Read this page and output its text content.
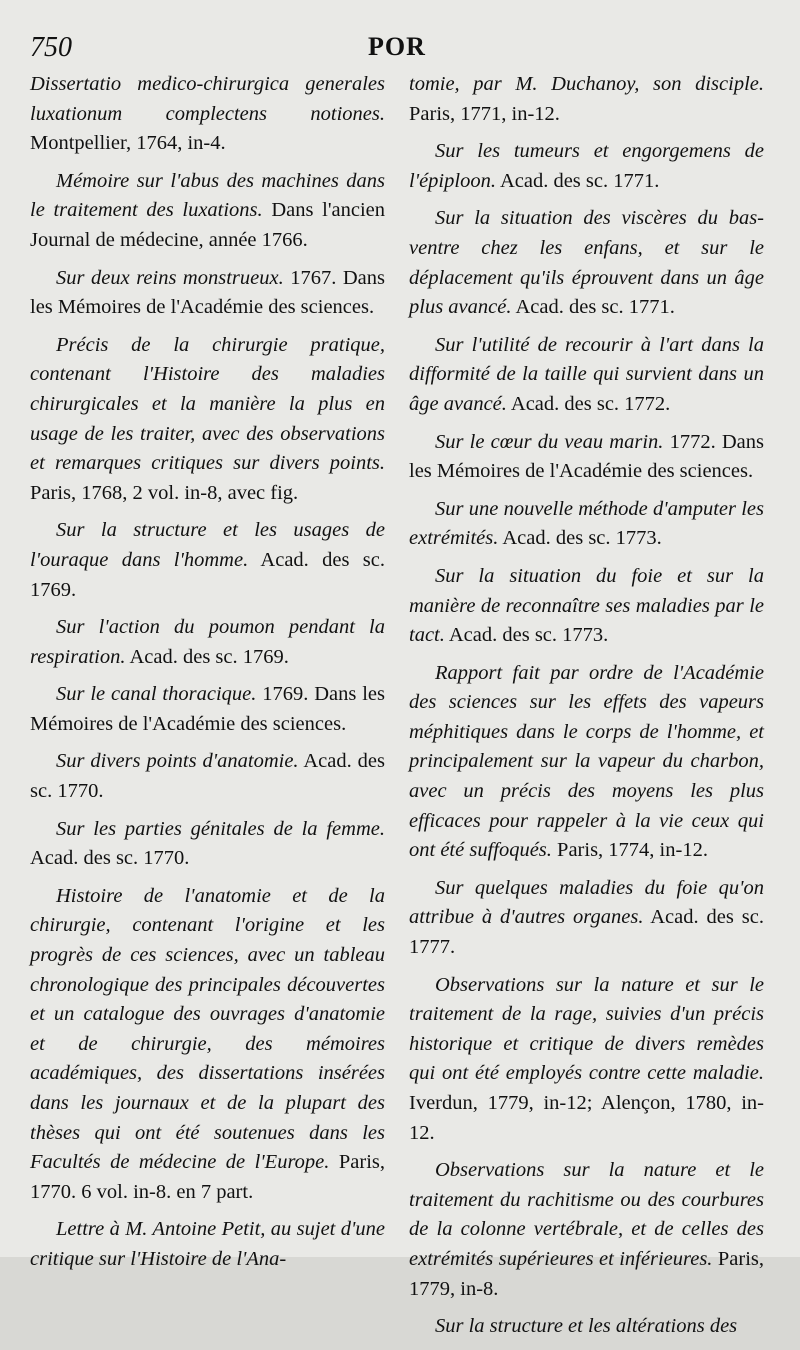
750	POR

Dissertatio medico-chirurgica generales luxationum complectens notiones. Montpellier, 1764, in-4.

Mémoire sur l'abus des machines dans le traitement des luxations. Dans l'ancien Journal de médecine, année 1766.

Sur deux reins monstrueux. 1767. Dans les Mémoires de l'Académie des sciences.

Précis de la chirurgie pratique, contenant l'Histoire des maladies chirurgicales et la manière la plus en usage de les traiter, avec des observations et remarques critiques sur divers points. Paris, 1768, 2 vol. in-8, avec fig.

Sur la structure et les usages de l'ouraque dans l'homme. Acad. des sc. 1769.

Sur l'action du poumon pendant la respiration. Acad. des sc. 1769.

Sur le canal thoracique. 1769. Dans les Mémoires de l'Académie des sciences.

Sur divers points d'anatomie. Acad. des sc. 1770.

Sur les parties génitales de la femme. Acad. des sc. 1770.

Histoire de l'anatomie et de la chirurgie, contenant l'origine et les progrès de ces sciences, avec un tableau chronologique des principales découvertes et un catalogue des ouvrages d'anatomie et de chirurgie, des mémoires académiques, des dissertations insérées dans les journaux et de la plupart des thèses qui ont été soutenues dans les Facultés de médecine de l'Europe. Paris, 1770. 6 vol. in-8. en 7 part.

Lettre à M. Antoine Petit, au sujet d'une critique sur l'Histoire de l'Ana-

tomie, par M. Duchanoy, son disciple. Paris, 1771, in-12.

Sur les tumeurs et engorgemens de l'épiploon. Acad. des sc. 1771.

Sur la situation des viscères du bas-ventre chez les enfans, et sur le déplacement qu'ils éprouvent dans un âge plus avancé. Acad. des sc. 1771.

Sur l'utilité de recourir à l'art dans la difformité de la taille qui survient dans un âge avancé. Acad. des sc. 1772.

Sur le cœur du veau marin. 1772. Dans les Mémoires de l'Académie des sciences.

Sur une nouvelle méthode d'amputer les extrémités. Acad. des sc. 1773.

Sur la situation du foie et sur la manière de reconnaître ses maladies par le tact. Acad. des sc. 1773.

Rapport fait par ordre de l'Académie des sciences sur les effets des vapeurs méphitiques dans le corps de l'homme, et principalement sur la vapeur du charbon, avec un précis des moyens les plus efficaces pour rappeler à la vie ceux qui ont été suffoqués. Paris, 1774, in-12.

Sur quelques maladies du foie qu'on attribue à d'autres organes. Acad. des sc. 1777.

Observations sur la nature et sur le traitement de la rage, suivies d'un précis historique et critique de divers remèdes qui ont été employés contre cette maladie. Iverdun, 1779, in-12; Alençon, 1780, in-12.

Observations sur la nature et le traitement du rachitisme ou des courbures de la colonne vertébrale, et de celles des extrémités supérieures et inférieures. Paris, 1779, in-8.

Sur la structure et les altérations des
